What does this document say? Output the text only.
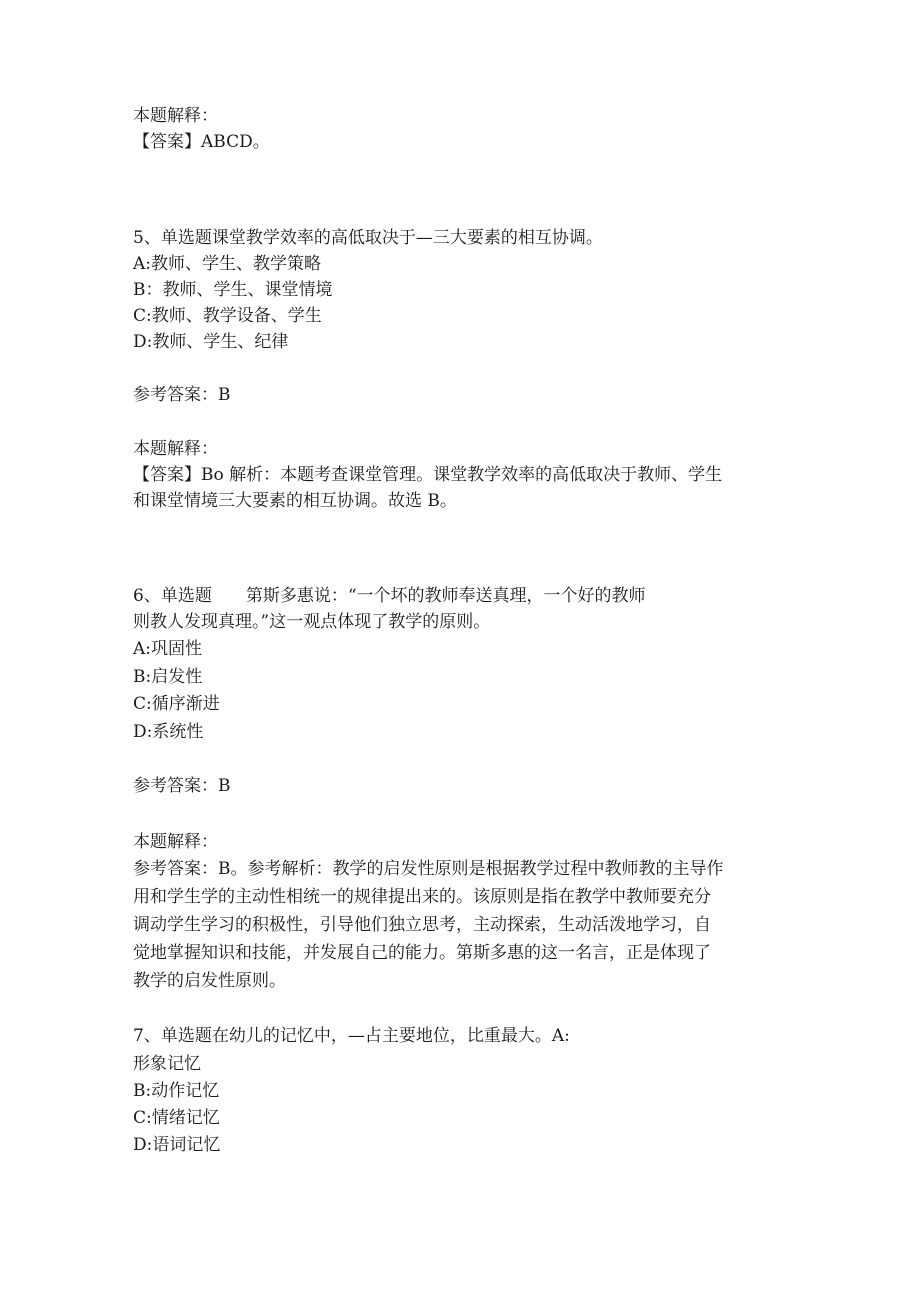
本题解释：
【答案】ABCD。
5、单选题课堂教学效率的高低取决于—三大要素的相互协调。
A:教师、学生、教学策略
B：教师、学生、课堂情境
C:教师、教学设备、学生
D:教师、学生、纪律
参考答案：B
本题解释：
【答案】Bo 解析：本题考查课堂管理。课堂教学效率的高低取决于教师、学生
和课堂情境三大要素的相互协调。故选 B。
6、单选题　　第斯多惠说：“一个坏的教师奉送真理，一个好的教师
则教人发现真理。”这一观点体现了教学的原则。
A:巩固性
B:启发性
C:循序渐进
D:系统性
参考答案：B
本题解释：
参考答案：B。参考解析：教学的启发性原则是根据教学过程中教师教的主导作
用和学生学的主动性相统一的规律提出来的。该原则是指在教学中教师要充分
调动学生学习的积极性，引导他们独立思考，主动探索，生动活泼地学习，自
觉地掌握知识和技能，并发展自己的能力。第斯多惠的这一名言，正是体现了
教学的启发性原则。
7、单选题在幼儿的记忆中，—占主要地位，比重最大。A:
形象记忆
B:动作记忆
C:情绪记忆
D:语词记忆
